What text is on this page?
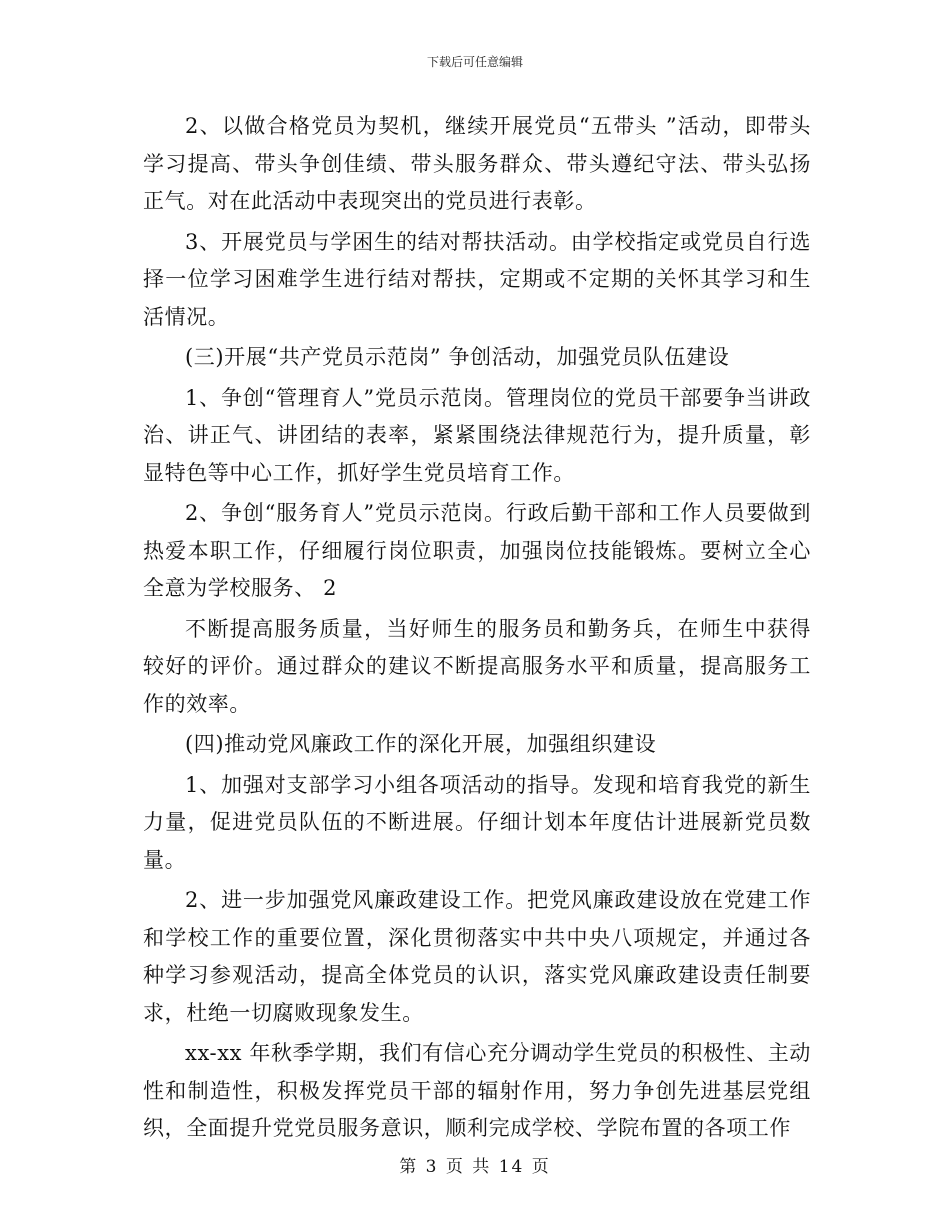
下载后可任意编辑

2、以做合格党员为契机，继续开展党员“五带头 ”活动，即带头学习提高、带头争创佳绩、带头服务群众、带头遵纪守法、带头弘扬正气。对在此活动中表现突出的党员进行表彰。

3、开展党员与学困生的结对帮扶活动。由学校指定或党员自行选择一位学习困难学生进行结对帮扶，定期或不定期的关怀其学习和生活情况。

(三)开展“共产党员示范岗” 争创活动，加强党员队伍建设

1、争创“管理育人”党员示范岗。管理岗位的党员干部要争当讲政治、讲正气、讲团结的表率，紧紧围绕法律规范行为，提升质量，彰显特色等中心工作，抓好学生党员培育工作。

2、争创“服务育人”党员示范岗。行政后勤干部和工作人员要做到热爱本职工作，仔细履行岗位职责，加强岗位技能锻炼。要树立全心全意为学校服务、 2

不断提高服务质量，当好师生的服务员和勤务兵，在师生中获得较好的评价。通过群众的建议不断提高服务水平和质量，提高服务工作的效率。

(四)推动党风廉政工作的深化开展，加强组织建设

1、加强对支部学习小组各项活动的指导。发现和培育我党的新生力量，促进党员队伍的不断进展。仔细计划本年度估计进展新党员数量。

2、进一步加强党风廉政建设工作。把党风廉政建设放在党建工作和学校工作的重要位置，深化贯彻落实中共中央八项规定，并通过各种学习参观活动，提高全体党员的认识，落实党风廉政建设责任制要求，杜绝一切腐败现象发生。

xx-xx 年秋季学期，我们有信心充分调动学生党员的积极性、主动性和制造性，积极发挥党员干部的辐射作用，努力争创先进基层党组织，全面提升党党员服务意识，顺利完成学校、学院布置的各项工作

第 3 页 共 14 页
